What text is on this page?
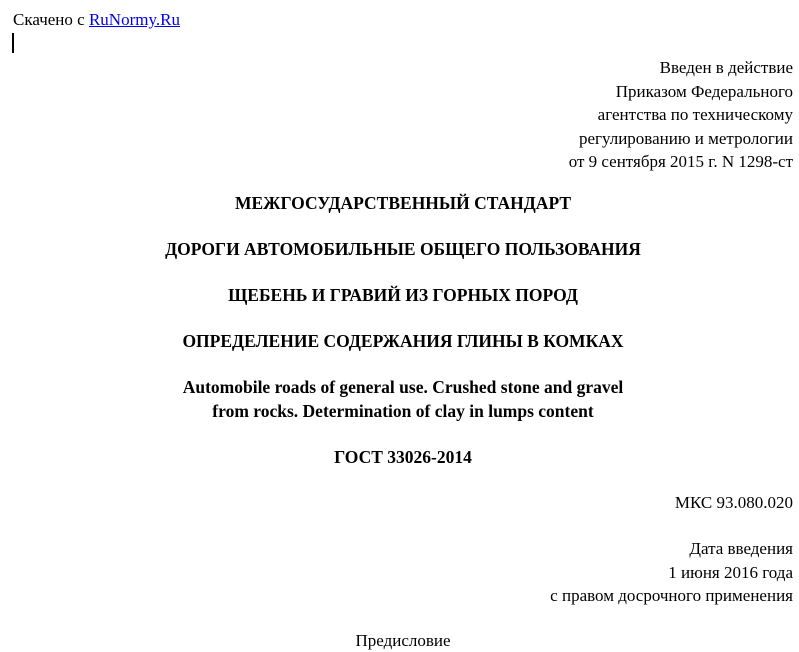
Скачено с RuNormy.Ru
Введен в действие
Приказом Федерального
агентства по техническому
регулированию и метрологии
от 9 сентября 2015 г. N 1298-ст
МЕЖГОСУДАРСТВЕННЫЙ СТАНДАРТ
ДОРОГИ АВТОМОБИЛЬНЫЕ ОБЩЕГО ПОЛЬЗОВАНИЯ
ЩЕБЕНЬ И ГРАВИЙ ИЗ ГОРНЫХ ПОРОД
ОПРЕДЕЛЕНИЕ СОДЕРЖАНИЯ ГЛИНЫ В КОМКАХ
Automobile roads of general use. Crushed stone and gravel
from rocks. Determination of clay in lumps content
ГОСТ 33026-2014
МКС 93.080.020
Дата введения
1 июня 2016 года
с правом досрочного применения
Предисловие
